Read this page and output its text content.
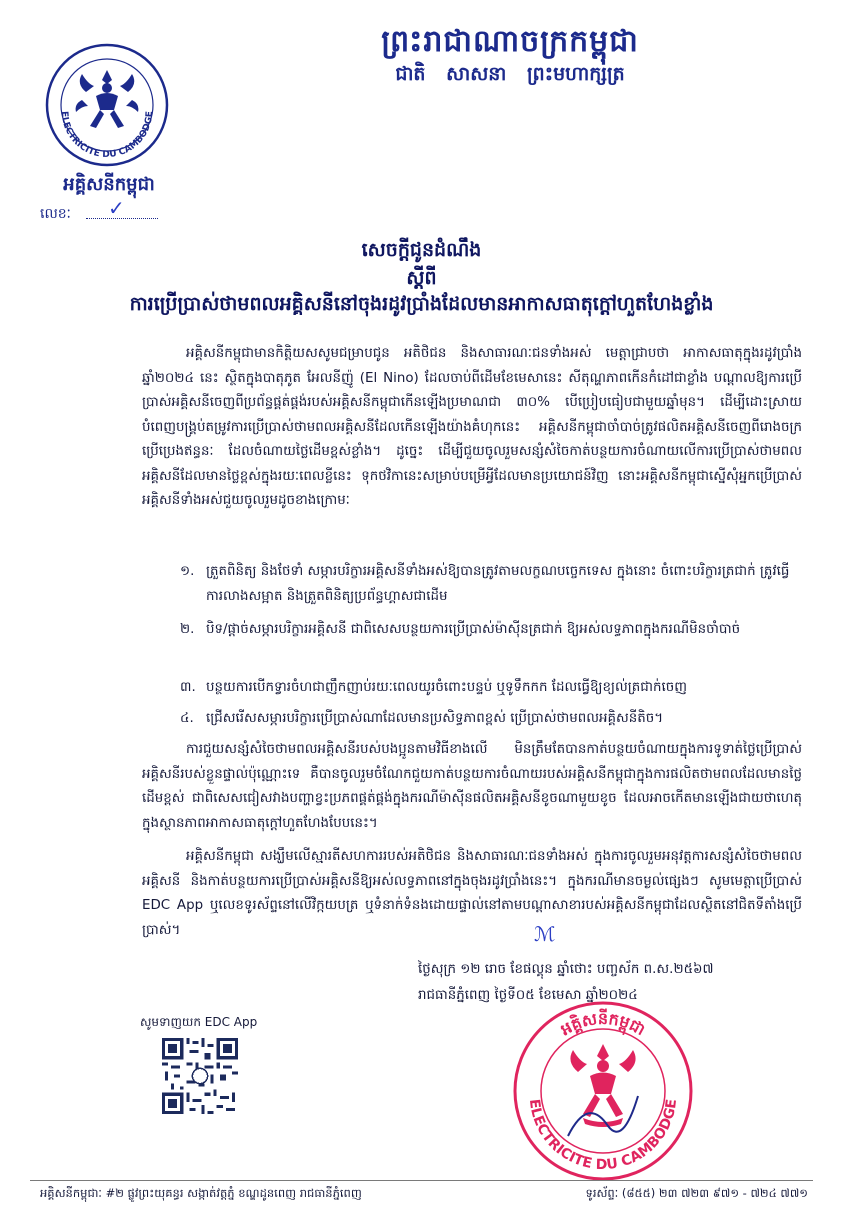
ព្រះរាជាណាចក្រកម្ពុជា
ជាតិ សាសនា ព្រះមហាក្សត្រ
ELECTRICITE DU CAMBODGE
អគ្គិសនីកម្ពុជា
លេខៈ ✓
សេចក្តីជូនដំណឹង
ស្តីពី
ការប្រើប្រាស់ថាមពលអគ្គិសនីនៅចុងរដូវប្រាំងដែលមានអាកាសធាតុក្តៅហួតហែងខ្លាំង
អគ្គិសនីកម្ពុជាមានកិត្តិយសសូមជម្រាបជូន អតិថិជន និងសាធារណៈជនទាំងអស់ មេត្តាជ្រាបថា អាកាសធាតុក្នុងរដូវប្រាំង ឆ្នាំ២០២៤ នេះ ស្ថិតក្នុងបាតុភូត អែលនីញ៉ូ (El Nino) ដែលចាប់ពីដើមខែមេសានេះ សីតុណ្ហភាពកើនកំដៅជាខ្លាំង បណ្តាលឱ្យការប្រើប្រាស់អគ្គិសនីចេញពីប្រព័ន្ធផ្គត់ផ្គង់របស់អគ្គិសនីកម្ពុជាកើនឡើងប្រមាណជា ៣០% បើប្រៀបធៀបជាមួយឆ្នាំមុន។ ដើម្បីដោះស្រាយបំពេញបង្គ្រប់តម្រូវការប្រើប្រាស់ថាមពលអគ្គិសនីដែលកើនឡើងយ៉ាងគំហុកនេះ អគ្គិសនីកម្ពុជាចាំបាច់ត្រូវផលិតអគ្គិសនីចេញពីរោងចក្រប្រើប្រេងឥន្ធនៈ ដែលចំណាយថ្លៃដើមខ្ពស់ខ្លាំង។ ដូច្នេះ ដើម្បីជួយចូលរួមសន្សំសំចៃកាត់បន្ថយការចំណាយលើការប្រើប្រាស់ថាមពលអគ្គិសនីដែលមានថ្លៃខ្ពស់ក្នុងរយៈពេលខ្លីនេះ ទុកថវិកានេះសម្រាប់បម្រើអ្វីដែលមានប្រយោជន៍វិញ នោះអគ្គិសនីកម្ពុជាស្នើសុំអ្នកប្រើប្រាស់អគ្គិសនីទាំងអស់ជួយចូលរួមដូចខាងក្រោមៈ
១. ត្រួតពិនិត្យ និងថែទាំ សម្ភារបរិក្ខារអគ្គិសនីទាំងអស់ឱ្យបានត្រូវតាមលក្ខណបច្ចេកទេស ក្នុងនោះ ចំពោះបរិក្ខារត្រជាក់ ត្រូវធ្វើការលាងសម្អាត និងត្រួតពិនិត្យប្រព័ន្ធហ្គាសជាដើម
២. បិទ/ផ្តាច់សម្ភារបរិក្ខារអគ្គិសនី ជាពិសេសបន្ថយការប្រើប្រាស់ម៉ាស៊ីនត្រជាក់ ឱ្យអស់លទ្ធភាពក្នុងករណីមិនចាំបាច់
៣. បន្ថយការបើកទ្វារចំហជាញឹកញាប់រយៈពេលយូរចំពោះបន្ទប់ ឬទូទឹកកក ដែលធ្វើឱ្យខ្យល់ត្រជាក់ចេញ
៤. ជ្រើសរើសសម្ភារបរិក្ខារប្រើប្រាស់ណាដែលមានប្រសិទ្ធភាពខ្ពស់ ប្រើប្រាស់ថាមពលអគ្គិសនីតិច។
ការជួយសន្សំសំចៃថាមពលអគ្គិសនីរបស់បងប្អូនតាមវិធីខាងលើ មិនត្រឹមតែបានកាត់បន្ថយចំណាយក្នុងការទូទាត់ថ្លៃប្រើប្រាស់អគ្គិសនីរបស់ខ្លួនផ្ទាល់ប៉ុណ្ណោះទេ គឺបានចូលរួមចំណែកជួយកាត់បន្ថយការចំណាយរបស់អគ្គិសនីកម្ពុជាក្នុងការផលិតថាមពលដែលមានថ្លៃដើមខ្ពស់ ជាពិសេសជៀសវាងបញ្ហាខ្វះប្រភពផ្គត់ផ្គង់ក្នុងករណីម៉ាស៊ីនផលិតអគ្គិសនីខូចណាមួយខូច ដែលអាចកើតមានឡើងជាយថាហេតុក្នុងស្ថានភាពអាកាសធាតុក្តៅហួតហែងបែបនេះ។
អគ្គិសនីកម្ពុជា សង្ឃឹមលើស្មារតីសហការរបស់អតិថិជន និងសាធារណៈជនទាំងអស់ ក្នុងការចូលរួមអនុវត្តការសន្សំសំចៃថាមពលអគ្គិសនី និងកាត់បន្ថយការប្រើប្រាស់អគ្គិសនីឱ្យអស់លទ្ធភាពនៅក្នុងចុងរដូវប្រាំងនេះ។ ក្នុងករណីមានចម្ងល់ផ្សេងៗ សូមមេត្តាប្រើប្រាស់ EDC App ឬលេខទូរស័ព្ទនៅលើវិក្កយបត្រ ឬទំនាក់ទំនងដោយផ្ទាល់នៅតាមបណ្តាសាខារបស់អគ្គិសនីកម្ពុជាដែលស្ថិតនៅជិតទីតាំងប្រើប្រាស់។	ℳ
ថ្ងៃសុក្រ ១២ រោច ខែផល្គុន ឆ្នាំថោះ បញ្ចស័ក ព.ស.២៥៦៧
រាជធានីភ្នំពេញ ថ្ងៃទី០៥ ខែមេសា ឆ្នាំ២០២៤
អគ្គិសនីកម្ពុជា
ELECTRICITE DU CAMBODGE
សូមទាញយក EDC App
អគ្គិសនីកម្ពុជាៈ #២ ផ្លូវព្រះយុគន្ធរ សង្កាត់វត្តភ្នំ ខណ្ឌដូនពេញ រាជធានីភ្នំពេញ	ទូរស័ព្ទៈ (៨៥៥) ២៣ ៧២៣ ៩៧១ - ៧២៤ ៧៧១
